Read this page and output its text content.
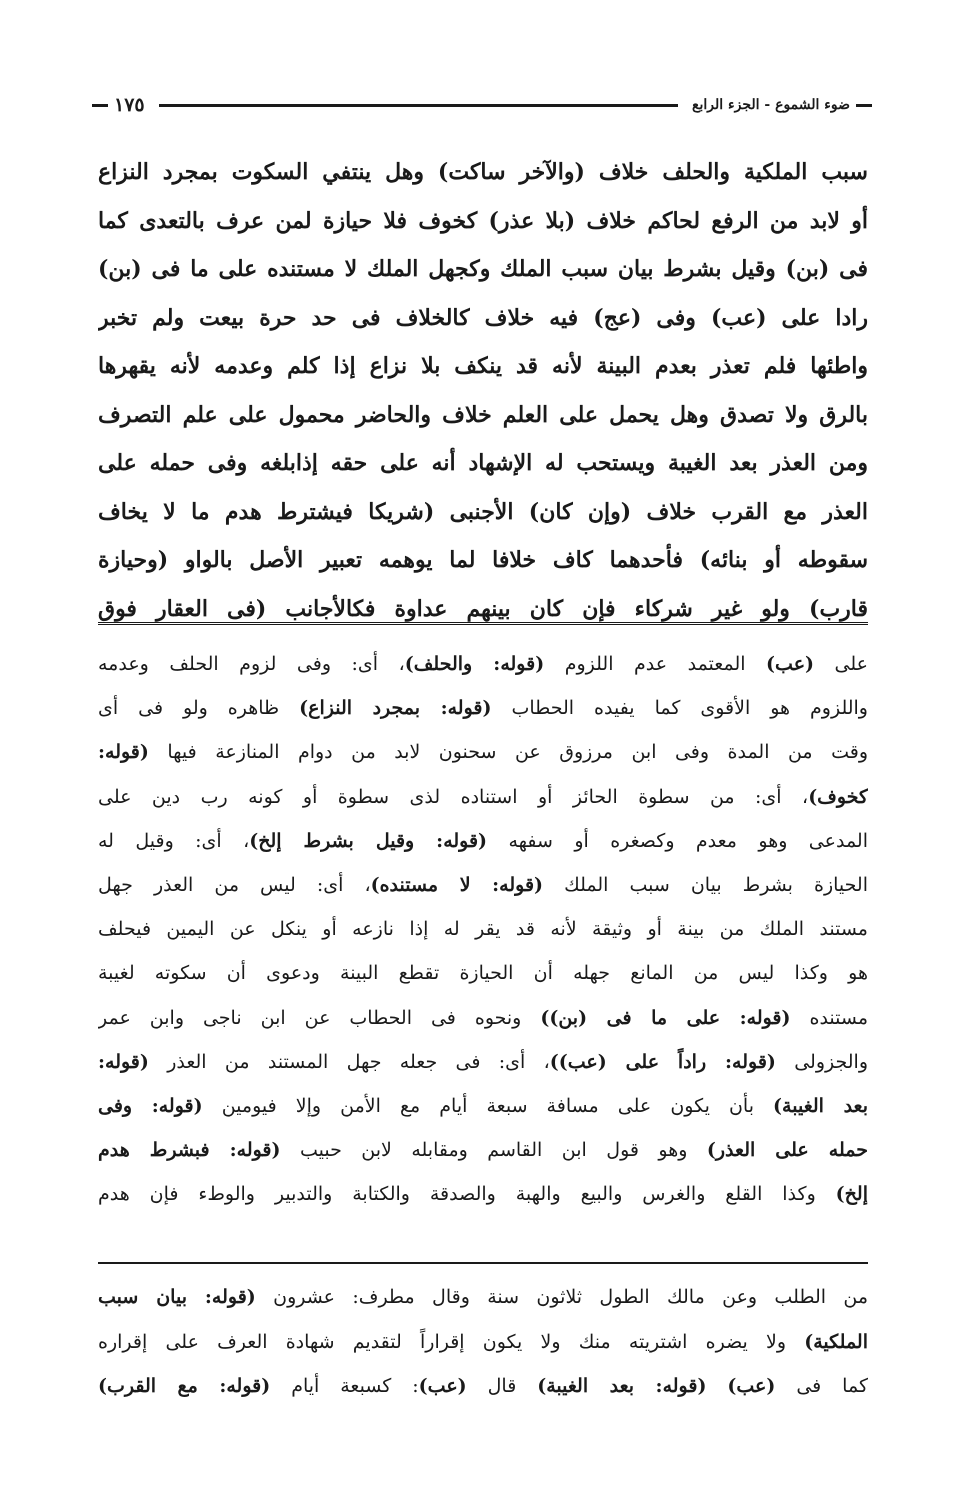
ضوء الشموع - الجزء الرابع
١٧٥
سبب الملكية والحلف خلاف (والآخر ساكت) وهل ينتفي السكوت بمجرد النزاع
أو لابد من الرفع لحاكم خلاف (بلا عذر) كخوف فلا حيازة لمن عرف بالتعدى كما
فى (بن) وقيل بشرط بيان سبب الملك وكجهل الملك لا مستنده على ما فى (بن)
رادا على (عب) وفى (عج) فيه خلاف كالخلاف فى حد حرة بيعت ولم تخبر
واطئها فلم تعذر بعدم البينة لأنه قد ينكف بلا نزاع إذا كلم وعدمه لأنه يقهرها
بالرق ولا تصدق وهل يحمل على العلم خلاف والحاضر محمول على علم التصرف
ومن العذر بعد الغيبة ويستحب له الإشهاد أنه على حقه إذابلغه وفى حمله على
العذر مع القرب خلاف (وإن كان) الأجنبى (شريكا فيشترط هدم ما لا يخاف
سقوطه أو بنائه) فأحدهما كاف خلافا لما يوهمه تعبير الأصل بالواو (وحيازة
قارب) ولو غير شركاء فإن كان بينهم عداوة فكالأجانب (فى العقار فوق
على (عب) المعتمد عدم اللزوم (قوله: والحلف)، أى: وفى لزوم الحلف وعدمه
واللزوم هو الأقوى كما يفيده الحطاب (قوله: بمجرد النزاع) ظاهره ولو فى أى
وقت من المدة وفى ابن مرزوق عن سحنون لابد من دوام المنازعة فيها (قوله:
كخوف)، أى: من سطوة الحائز أو استناده لذى سطوة أو كونه رب دين على
المدعى وهو معدم وكصغره أو سفهه (قوله: وقيل بشرط إلخ)، أى: وقيل له
الحيازة بشرط بيان سبب الملك (قوله: لا مستنده)، أى: ليس من العذر جهل
مستند الملك من بينة أو وثيقة لأنه قد يقر له إذا نازعه أو ينكل عن اليمين فيحلف
هو وكذا ليس من المانع جهله أن الحيازة تقطع البينة ودعوى أن سكوته لغيبة
مستنده (قوله: على ما فى (بن)) ونحوه فى الحطاب عن ابن ناجى وابن عمر
والجزولى (قوله: راداً على (عب))، أى: فى جعله جهل المستند من العذر (قوله:
بعد الغيبة) بأن يكون على مسافة سبعة أيام مع الأمن وإلا فيومين (قوله: وفى
حمله على العذر) وهو قول ابن القاسم ومقابله لابن حبيب (قوله: فبشرط هدم
إلخ) وكذا القلع والغرس والبيع والهبة والصدقة والكتابة والتدبير والوطء فإن هدم
من الطلب وعن مالك الطول ثلاثون سنة وقال مطرف: عشرون (قوله: بيان سبب
الملكية) ولا يضره اشتريته منك ولا يكون إقراراً لتقديم شهادة العرف على إقراره
كما فى (عب) (قوله: بعد الغيبة) قال (عب): كسبعة أيام (قوله: مع القرب)
